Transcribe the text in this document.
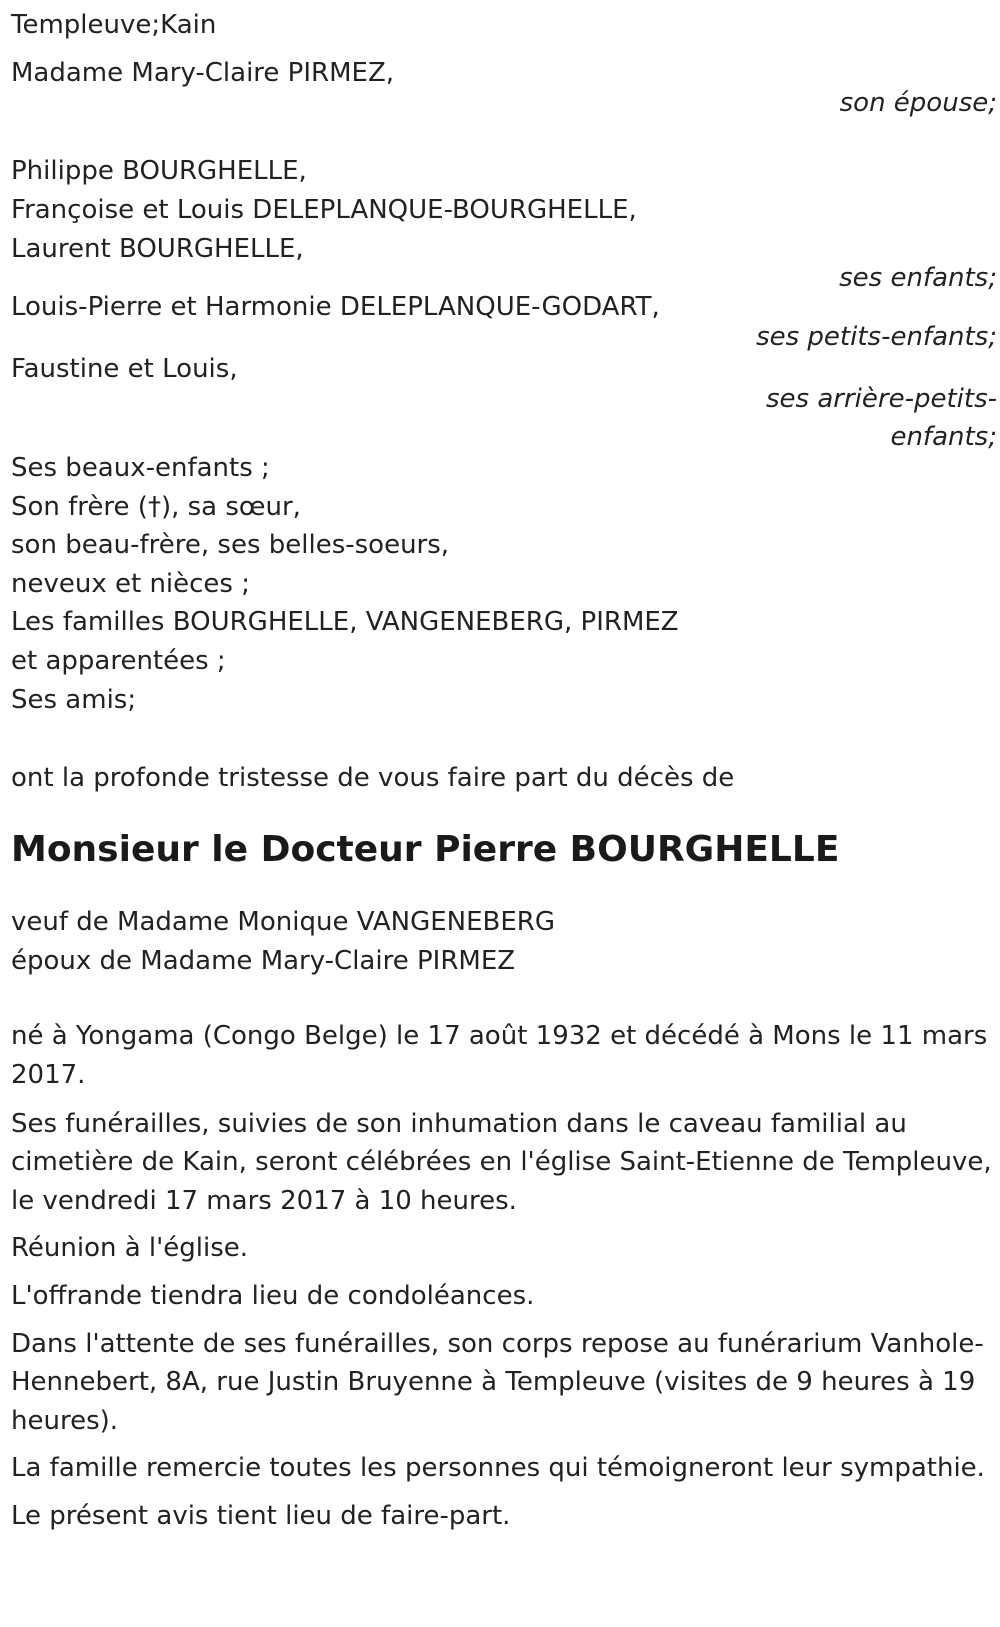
Templeuve;Kain
Madame Mary-Claire PIRMEZ,
son épouse;
Philippe BOURGHELLE,
Françoise et Louis DELEPLANQUE-BOURGHELLE,
Laurent BOURGHELLE,
ses enfants;
Louis-Pierre et Harmonie DELEPLANQUE-GODART,
ses petits-enfants;
Faustine et Louis,
ses arrière-petits-
enfants;
Ses beaux-enfants ;
Son frère (†), sa sœur,
son beau-frère, ses belles-soeurs,
neveux et nièces ;
Les familles BOURGHELLE, VANGENEBERG, PIRMEZ
et apparentées ;
Ses amis;
ont la profonde tristesse de vous faire part du décès de
Monsieur le Docteur Pierre BOURGHELLE
veuf de Madame Monique VANGENEBERG
époux de Madame Mary-Claire PIRMEZ

né à Yongama (Congo Belge) le 17 août 1932 et décédé à Mons le 11 mars 2017.

Ses funérailles, suivies de son inhumation dans le caveau familial au cimetière de Kain, seront célébrées en l'église Saint-Etienne de Templeuve, le vendredi 17 mars 2017 à 10 heures.

Réunion à l'église.

L'offrande tiendra lieu de condoléances.

Dans l'attente de ses funérailles, son corps repose au funérarium Vanhole-Hennebert, 8A, rue Justin Bruyenne à Templeuve (visites de 9 heures à 19 heures).

La famille remercie toutes les personnes qui témoigneront leur sympathie.

Le présent avis tient lieu de faire-part.
